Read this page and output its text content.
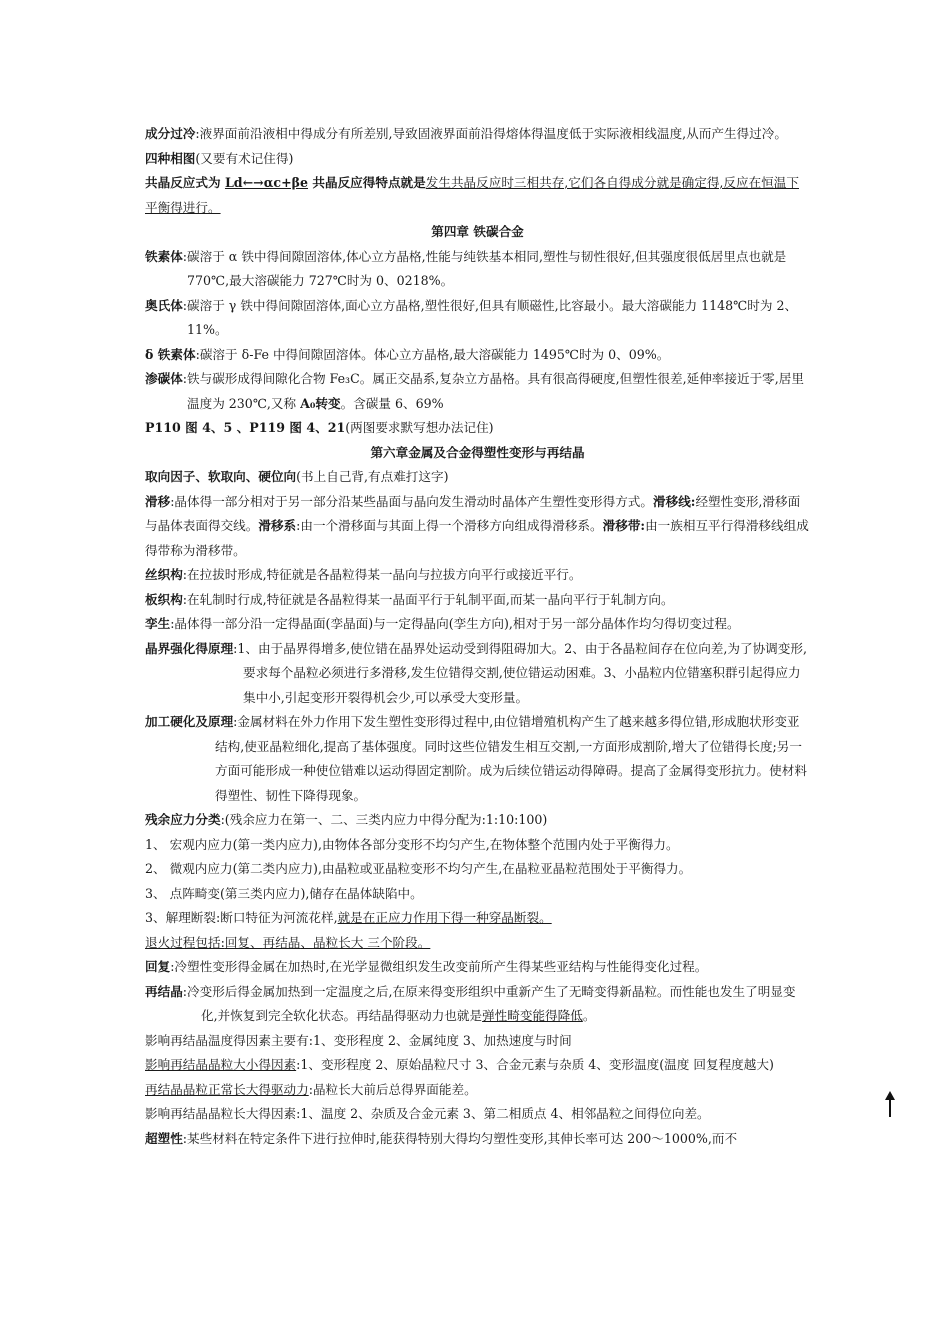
成分过冷:液界面前沿液相中得成分有所差别,导致固液界面前沿得熔体得温度低于实际液相线温度,从而产生得过冷。

四种相图(又要有术记住得)

共晶反应式为 Ld←→αc+βe 共晶反应得特点就是发生共晶反应时三相共存,它们各自得成分就是确定得,反应在恒温下平衡得进行。

第四章 铁碳合金

铁素体:碳溶于 α 铁中得间隙固溶体,体心立方晶格,性能与纯铁基本相同,塑性与韧性很好,但其强度很低居里点也就是 770℃,最大溶碳能力 727℃时为 0、0218%。

奥氏体:碳溶于 γ 铁中得间隙固溶体,面心立方晶格,塑性很好,但具有顺磁性,比容最小。最大溶碳能力 1148℃时为 2、11%。

δ 铁素体:碳溶于 δ-Fe 中得间隙固溶体。体心立方晶格,最大溶碳能力 1495℃时为 0、09%。

渗碳体:铁与碳形成得间隙化合物 Fe₃C。属正交晶系,复杂立方晶格。具有很高得硬度,但塑性很差,延伸率接近于零,居里温度为 230℃,又称 A₀转变。含碳量 6、69%

P110 图 4、5 、P119 图 4、21(两图要求默写想办法记住)

第六章金属及合金得塑性变形与再结晶

取向因子、软取向、硬位向(书上自己背,有点难打这字)

滑移:晶体得一部分相对于另一部分沿某些晶面与晶向发生滑动时晶体产生塑性变形得方式。滑移线:经塑性变形,滑移面与晶体表面得交线。滑移系:由一个滑移面与其面上得一个滑移方向组成得滑移系。滑移带:由一族相互平行得滑移线组成得带称为滑移带。

丝织构:在拉拔时形成,特征就是各晶粒得某一晶向与拉拔方向平行或接近平行。

板织构:在轧制时行成,特征就是各晶粒得某一晶面平行于轧制平面,而某一晶向平行于轧制方向。

孪生:晶体得一部分沿一定得晶面(孪晶面)与一定得晶向(孪生方向),相对于另一部分晶体作均匀得切变过程。

晶界强化得原理:1、由于晶界得增多,使位错在晶界处运动受到得阻碍加大。2、由于各晶粒间存在位向差,为了协调变形,要求每个晶粒必须进行多滑移,发生位错得交割,使位错运动困难。3、小晶粒内位错塞积群引起得应力集中小,引起变形开裂得机会少,可以承受大变形量。

加工硬化及原理:金属材料在外力作用下发生塑性变形得过程中,由位错增殖机构产生了越来越多得位错,形成胞状形变亚结构,使亚晶粒细化,提高了基体强度。同时这些位错发生相互交割,一方面形成割阶,增大了位错得长度;另一方面可能形成一种使位错难以运动得固定割阶。成为后续位错运动得障碍。提高了金属得变形抗力。使材料得塑性、韧性下降得现象。

残余应力分类:(残余应力在第一、二、三类内应力中得分配为:1:10:100)

1、 宏观内应力(第一类内应力),由物体各部分变形不均匀产生,在物体整个范围内处于平衡得力。

2、 微观内应力(第二类内应力),由晶粒或亚晶粒变形不均匀产生,在晶粒亚晶粒范围处于平衡得力。

3、 点阵畸变(第三类内应力),储存在晶体缺陷中。

3、解理断裂:断口特征为河流花样,就是在正应力作用下得一种穿晶断裂。

退火过程包括:回复、再结晶、晶粒长大 三个阶段。

回复:冷塑性变形得金属在加热时,在光学显微组织发生改变前所产生得某些亚结构与性能得变化过程。

再结晶:冷变形后得金属加热到一定温度之后,在原来得变形组织中重新产生了无畸变得新晶粒。而性能也发生了明显变化,并恢复到完全软化状态。再结晶得驱动力也就是弹性畸变能得降低。

影响再结晶温度得因素主要有:1、变形程度 2、金属纯度 3、加热速度与时间

影响再结晶晶粒大小得因素:1、变形程度 2、原始晶粒尺寸 3、合金元素与杂质 4、变形温度(温度 回复程度越大)

再结晶晶粒正常长大得驱动力:晶粒长大前后总得界面能差。

影响再结晶晶粒长大得因素:1、温度 2、杂质及合金元素 3、第二相质点 4、相邻晶粒之间得位向差。

超塑性:某些材料在特定条件下进行拉伸时,能获得特别大得均匀塑性变形,其伸长率可达 200～1000%,而不
